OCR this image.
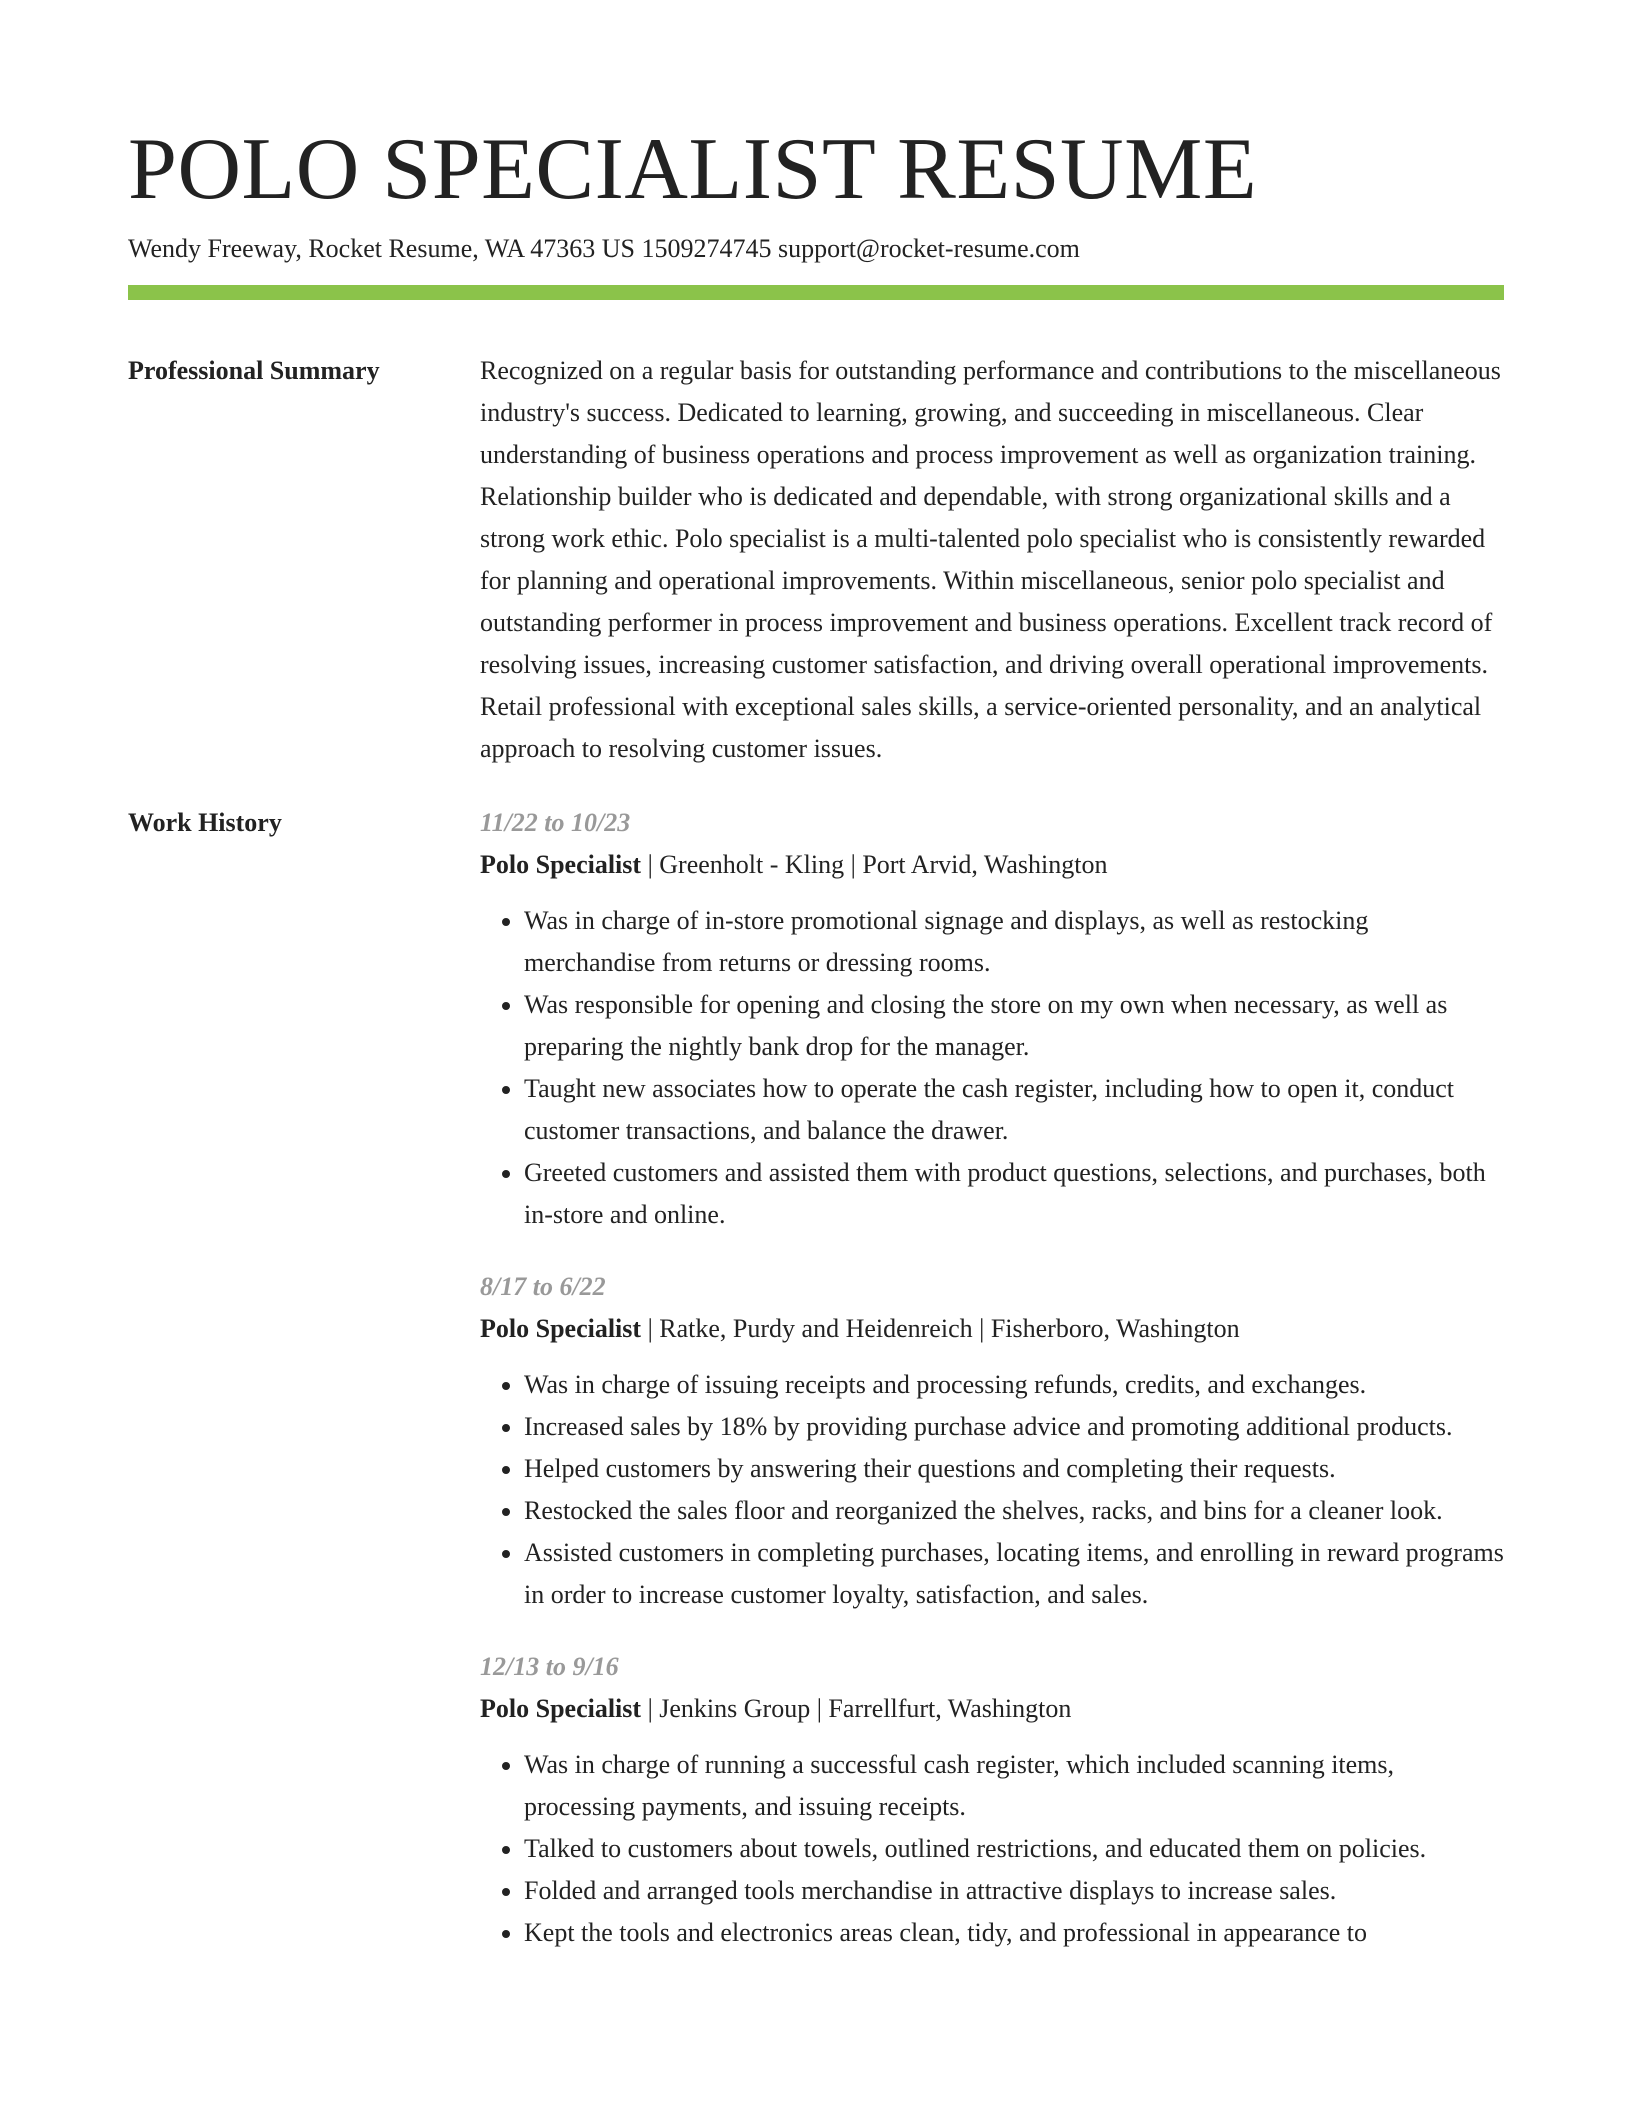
POLO SPECIALIST RESUME
Wendy Freeway, Rocket Resume, WA 47363 US 1509274745 support@rocket-resume.com
Professional Summary	Recognized on a regular basis for outstanding performance and contributions to the miscellaneous industry's success. Dedicated to learning, growing, and succeeding in miscellaneous. Clear understanding of business operations and process improvement as well as organization training. Relationship builder who is dedicated and dependable, with strong organizational skills and a strong work ethic. Polo specialist is a multi-talented polo specialist who is consistently rewarded for planning and operational improvements. Within miscellaneous, senior polo specialist and outstanding performer in process improvement and business operations. Excellent track record of resolving issues, increasing customer satisfaction, and driving overall operational improvements. Retail professional with exceptional sales skills, a service-oriented personality, and an analytical approach to resolving customer issues.

Work History	11/22 to 10/23
Polo Specialist | Greenholt - Kling | Port Arvid, Washington
• Was in charge of in-store promotional signage and displays, as well as restocking merchandise from returns or dressing rooms.
• Was responsible for opening and closing the store on my own when necessary, as well as preparing the nightly bank drop for the manager.
• Taught new associates how to operate the cash register, including how to open it, conduct customer transactions, and balance the drawer.
• Greeted customers and assisted them with product questions, selections, and purchases, both in-store and online.
8/17 to 6/22
Polo Specialist | Ratke, Purdy and Heidenreich | Fisherboro, Washington
• Was in charge of issuing receipts and processing refunds, credits, and exchanges.
• Increased sales by 18% by providing purchase advice and promoting additional products.
• Helped customers by answering their questions and completing their requests.
• Restocked the sales floor and reorganized the shelves, racks, and bins for a cleaner look.
• Assisted customers in completing purchases, locating items, and enrolling in reward programs in order to increase customer loyalty, satisfaction, and sales.
12/13 to 9/16
Polo Specialist | Jenkins Group | Farrellfurt, Washington
• Was in charge of running a successful cash register, which included scanning items, processing payments, and issuing receipts.
• Talked to customers about towels, outlined restrictions, and educated them on policies.
• Folded and arranged tools merchandise in attractive displays to increase sales.
• Kept the tools and electronics areas clean, tidy, and professional in appearance to
